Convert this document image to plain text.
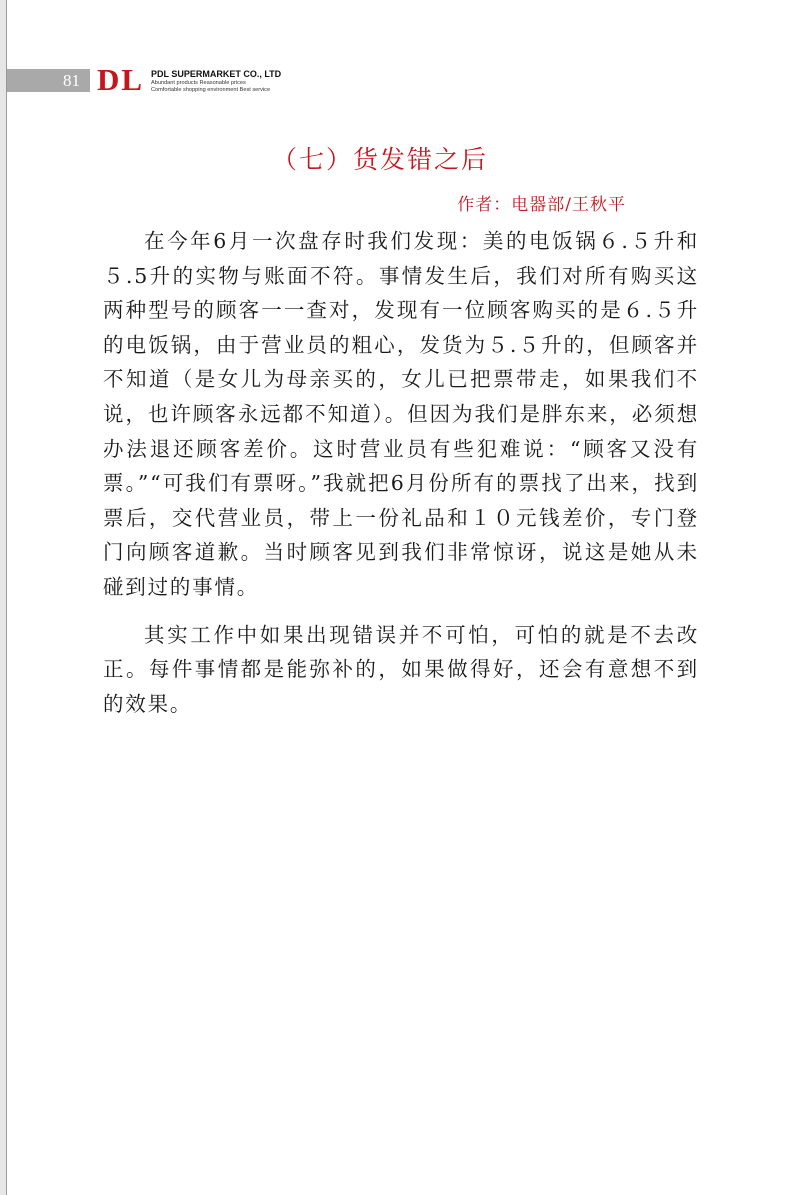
81 DL PDL SUPERMARKET CO., LTD
Abundant products Reasonable prices
Comfortable shopping environment Best service
（七）货发错之后
作者：电器部/王秋平

在今年6月一次盘存时我们发现：美的电饭锅６.５升和５.5升的实物与账面不符。事情发生后，我们对所有购买这两种型号的顾客一一查对，发现有一位顾客购买的是６.５升的电饭锅，由于营业员的粗心，发货为５.５升的，但顾客并不知道（是女儿为母亲买的，女儿已把票带走，如果我们不说，也许顾客永远都不知道）。但因为我们是胖东来，必须想办法退还顾客差价。这时营业员有些犯难说：“顾客又没有票。”“可我们有票呀。”我就把6月份所有的票找了出来，找到票后，交代营业员，带上一份礼品和１０元钱差价，专门登门向顾客道歉。当时顾客见到我们非常惊讶，说这是她从未碰到过的事情。

其实工作中如果出现错误并不可怕，可怕的就是不去改正。每件事情都是能弥补的，如果做得好，还会有意想不到的效果。
